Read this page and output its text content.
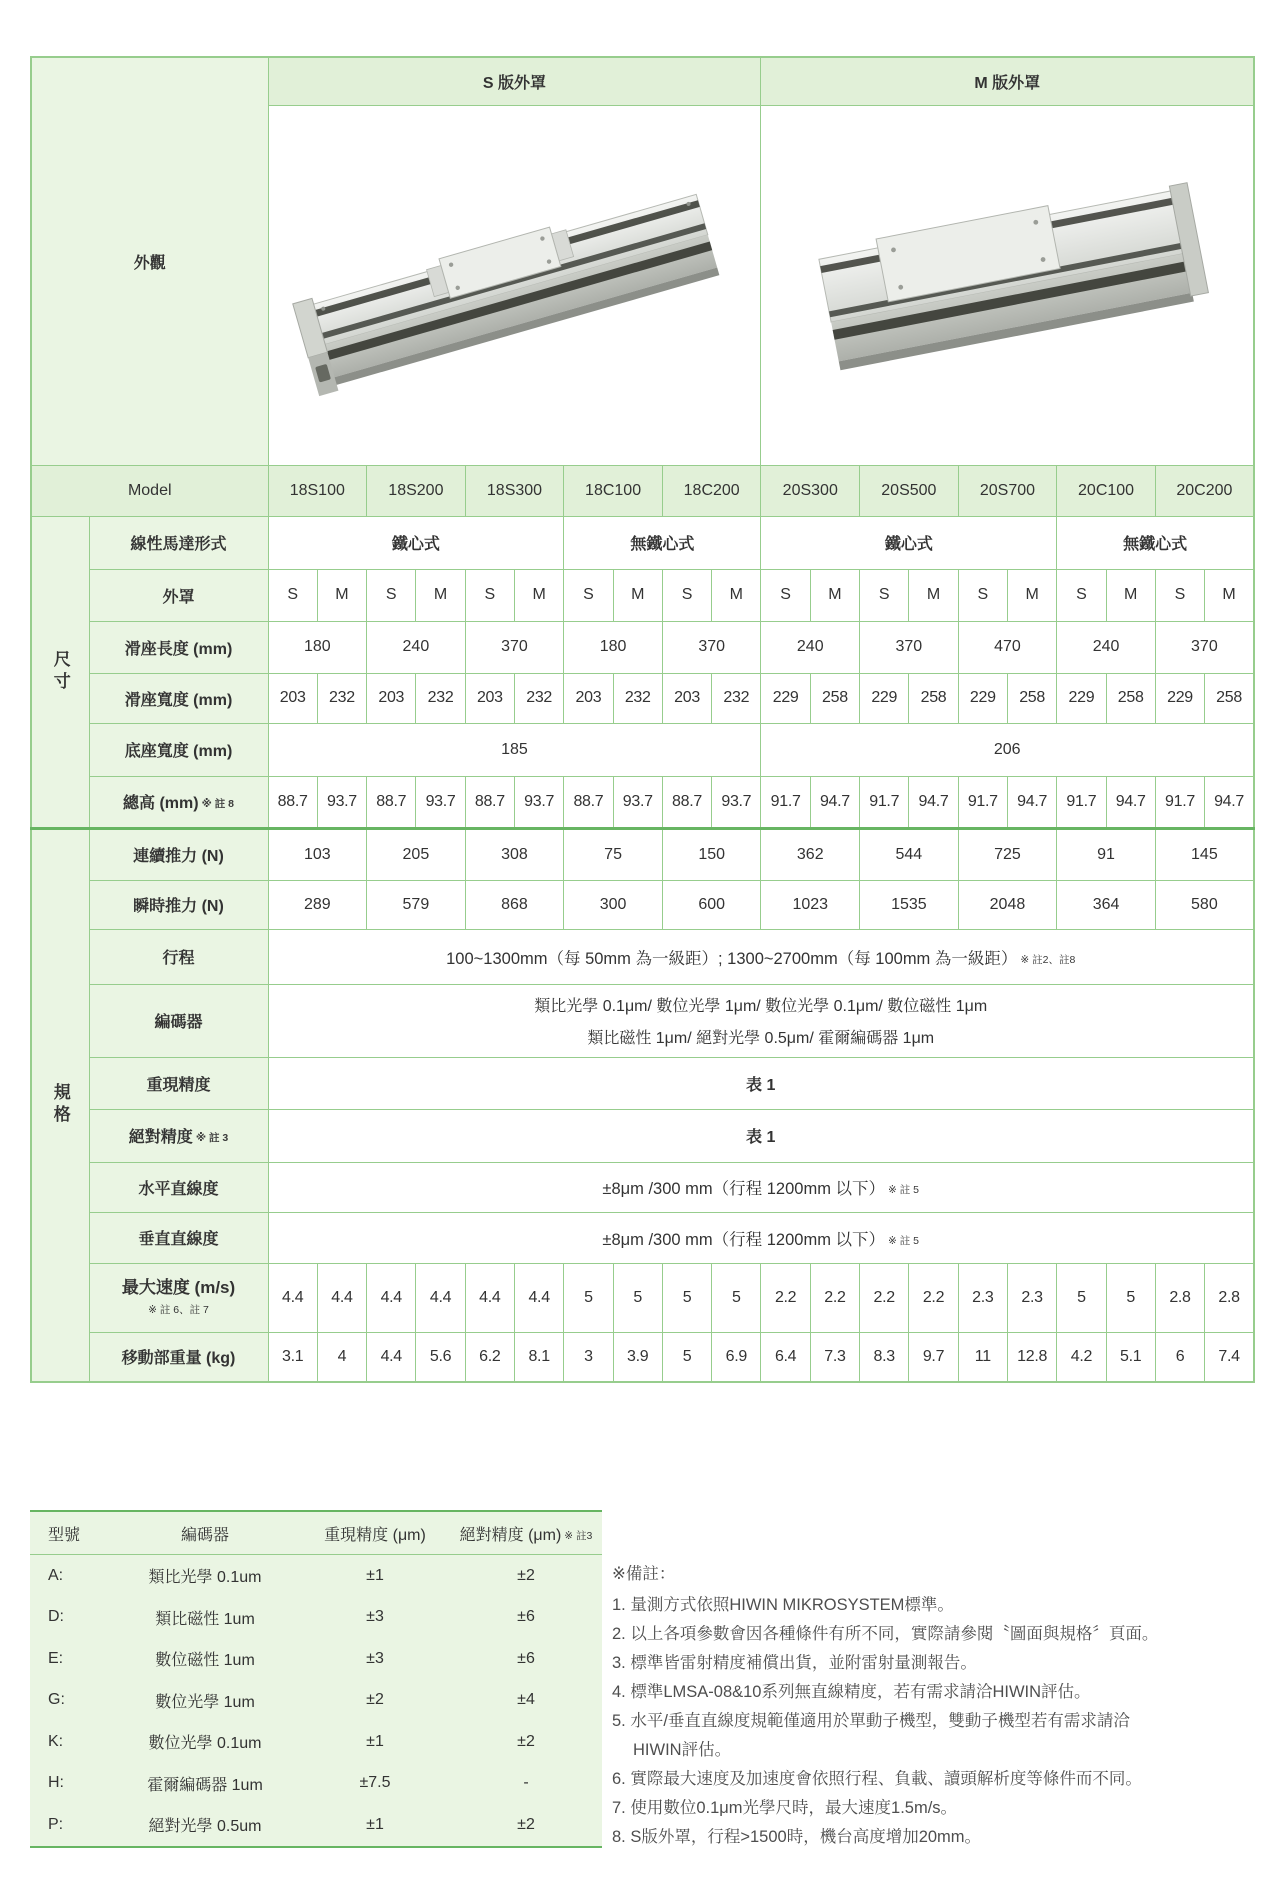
外觀		S 版外罩										M 版外罩									

Model		18S100		18S200		18S300		18C100		18C200		20S300		20S500		20S700		20C100		20C200	

尺寸	線性馬達形式	鐵心式						無鐵心式				鐵心式						無鐵心式			
	外罩	S	M	S	M	S	M	S	M	S	M	S	M	S	M	S	M	S	M	S	M
	滑座長度 (mm)	180		240		370		180		370		240		370		470		240		370	
	滑座寬度 (mm)	203	232	203	232	203	232	203	232	203	232	229	258	229	258	229	258	229	258	229	258
	底座寬度 (mm)	185										206									
	總高 (mm) ※ 註 8	88.7	93.7	88.7	93.7	88.7	93.7	88.7	93.7	88.7	93.7	91.7	94.7	91.7	94.7	91.7	94.7	91.7	94.7	91.7	94.7

規格	連續推力 (N)	103		205		308		75		150		362		544		725		91		145	
	瞬時推力 (N)	289		579		868		300		600		1023		1535		2048		364		580	
	行程	100~1300mm（每 50mm 為一級距）; 1300~2700mm（每 100mm 為一級距） ※ 註2、註8																			
	編碼器	類比光學 0.1μm/ 數位光學 1μm/ 數位光學 0.1μm/ 數位磁性 1μm
類比磁性 1μm/ 絕對光學 0.5μm/ 霍爾編碼器 1μm																			

	重現精度	表 1																			
	絕對精度 ※ 註 3	表 1																			
	水平直線度	±8μm /300 mm（行程 1200mm 以下） ※ 註 5																			
	垂直直線度	±8μm /300 mm（行程 1200mm 以下） ※ 註 5																			

	最大速度 (m/s)
※ 註 6、註 7	4.4	4.4	4.4	4.4	4.4	4.4	5	5	5	5	2.2	2.2	2.2	2.2	2.3	2.3	5	5	2.8	2.8
	移動部重量 (kg)	3.1	4	4.4	5.6	6.2	8.1	3	3.9	5	6.9	6.4	7.3	8.3	9.7	11	12.8	4.2	5.1	6	7.4
型號	編碼器	重現精度 (μm)	絕對精度 (μm) ※ 註3
A:	類比光學 0.1um	±1	±2
D:	類比磁性 1um	±3	±6
E:	數位磁性 1um	±3	±6
G:	數位光學 1um	±2	±4
K:	數位光學 0.1um	±1	±2
H:	霍爾編碼器 1um	±7.5	-
P:	絕對光學 0.5um	±1	±2
※備註：
1. 量測方式依照HIWIN MIKROSYSTEM標準。
2. 以上各項參數會因各種條件有所不同，實際請參閱〝圖面與規格〞頁面。
3. 標準皆雷射精度補償出貨，並附雷射量測報告。
4. 標準LMSA-08&10系列無直線精度，若有需求請洽HIWIN評估。
5. 水平/垂直直線度規範僅適用於單動子機型，雙動子機型若有需求請洽
HIWIN評估。
6. 實際最大速度及加速度會依照行程、負載、讀頭解析度等條件而不同。
7. 使用數位0.1μm光學尺時，最大速度1.5m/s。
8. S版外罩，行程>1500時，機台高度增加20mm。
